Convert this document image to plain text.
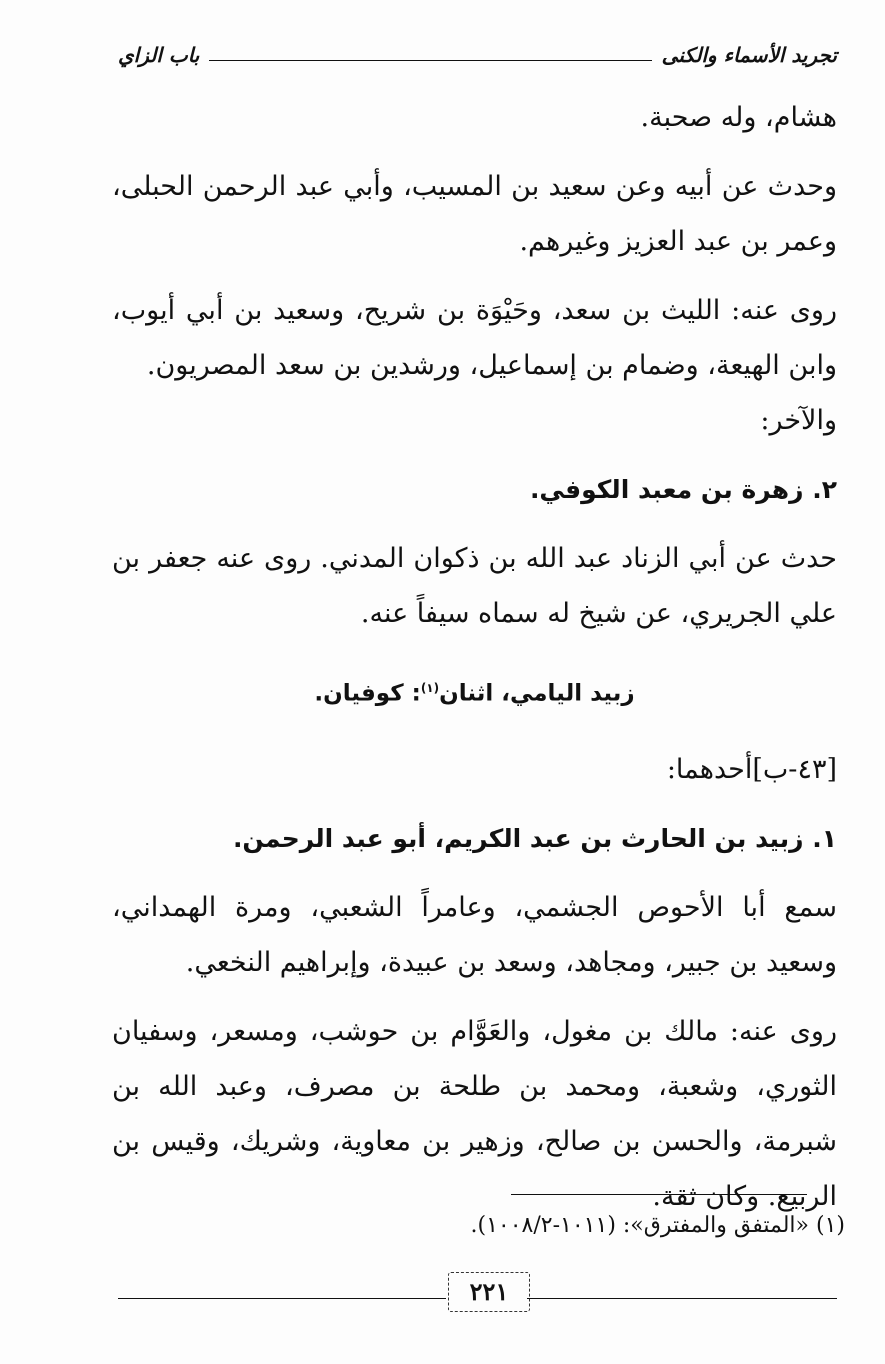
تجريد الأسماء والكنى
باب الزاي

هشام، وله صحبة.

وحدث عن أبيه وعن سعيد بن المسيب، وأبي عبد الرحمن الحبلى، وعمر بن عبد العزيز وغيرهم.

روى عنه: الليث بن سعد، وحَيْوَة بن شريح، وسعيد بن أبي أيوب، وابن الهيعة، وضمام بن إسماعيل، ورشدين بن سعد المصريون.

والآخر:

٢. زهرة بن معبد الكوفي.

حدث عن أبي الزناد عبد الله بن ذكوان المدني. روى عنه جعفر بن علي الجريري، عن شيخ له سماه سيفاً عنه.

زبيد اليامي، اثنان$^{(١)}$: كوفيان.

[٤٣-ب]أحدهما:

١. زبيد بن الحارث بن عبد الكريم، أبو عبد الرحمن.

سمع أبا الأحوص الجشمي، وعامراً الشعبي، ومرة الهمداني، وسعيد بن جبير، ومجاهد، وسعد بن عبيدة، وإبراهيم النخعي.

روى عنه: مالك بن مغول، والعَوَّام بن حوشب، ومسعر، وسفيان الثوري، وشعبة، ومحمد بن طلحة بن مصرف، وعبد الله بن شبرمة، والحسن بن صالح، وزهير بن معاوية، وشريك، وقيس بن الربيع. وكان ثقة.

(١) «المتفق والمفترق»: (١٠١١-١٠٠٨/٢).
٢٢١
